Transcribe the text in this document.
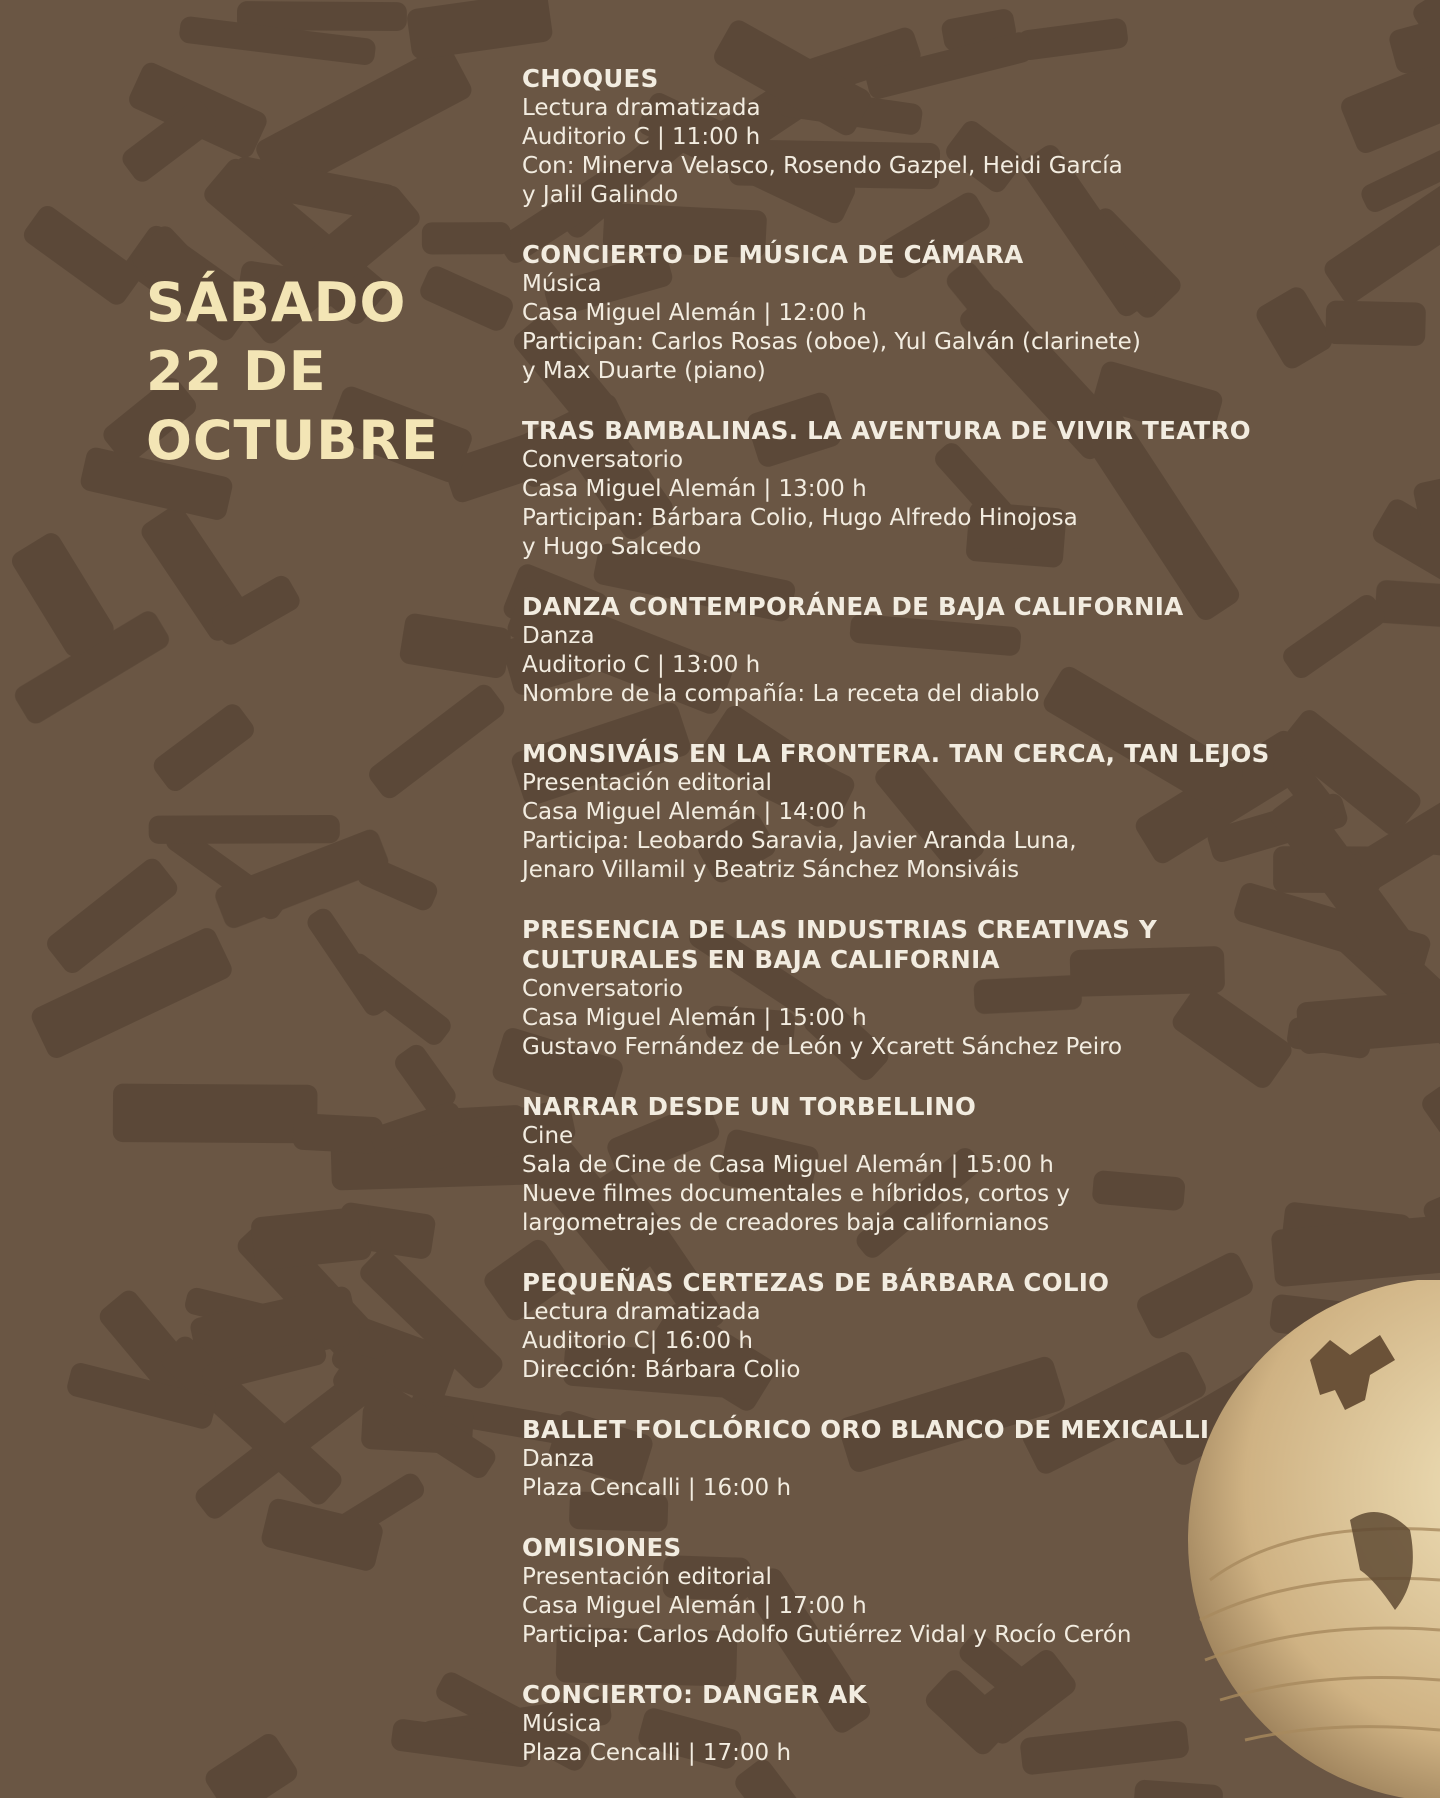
SÁBADO
22 DE
OCTUBRE
CHOQUES
Lectura dramatizada
Auditorio C | 11:00 h
Con: Minerva Velasco, Rosendo Gazpel, Heidi García
y Jalil Galindo
CONCIERTO DE MÚSICA DE CÁMARA
Música
Casa Miguel Alemán | 12:00 h
Participan: Carlos Rosas (oboe), Yul Galván (clarinete)
y Max Duarte (piano)
TRAS BAMBALINAS. LA AVENTURA DE VIVIR TEATRO
Conversatorio
Casa Miguel Alemán | 13:00 h
Participan: Bárbara Colio, Hugo Alfredo Hinojosa
y Hugo Salcedo
DANZA CONTEMPORÁNEA DE BAJA CALIFORNIA
Danza
Auditorio C | 13:00 h
Nombre de la compañía: La receta del diablo
MONSIVÁIS EN LA FRONTERA. TAN CERCA, TAN LEJOS
Presentación editorial
Casa Miguel Alemán | 14:00 h
Participa: Leobardo Saravia, Javier Aranda Luna,
Jenaro Villamil y Beatriz Sánchez Monsiváis
PRESENCIA DE LAS INDUSTRIAS CREATIVAS Y
CULTURALES EN BAJA CALIFORNIA
Conversatorio
Casa Miguel Alemán | 15:00 h
Gustavo Fernández de León y Xcarett Sánchez Peiro
NARRAR DESDE UN TORBELLINO
Cine
Sala de Cine de Casa Miguel Alemán | 15:00 h
Nueve filmes documentales e híbridos, cortos y
largometrajes de creadores baja californianos
PEQUEÑAS CERTEZAS DE BÁRBARA COLIO
Lectura dramatizada
Auditorio C| 16:00 h
Dirección: Bárbara Colio
BALLET FOLCLÓRICO ORO BLANCO DE MEXICALLI
Danza
Plaza Cencalli | 16:00 h
OMISIONES
Presentación editorial
Casa Miguel Alemán | 17:00 h
Participa: Carlos Adolfo Gutiérrez Vidal y Rocío Cerón
CONCIERTO: DANGER AK
Música
Plaza Cencalli | 17:00 h
